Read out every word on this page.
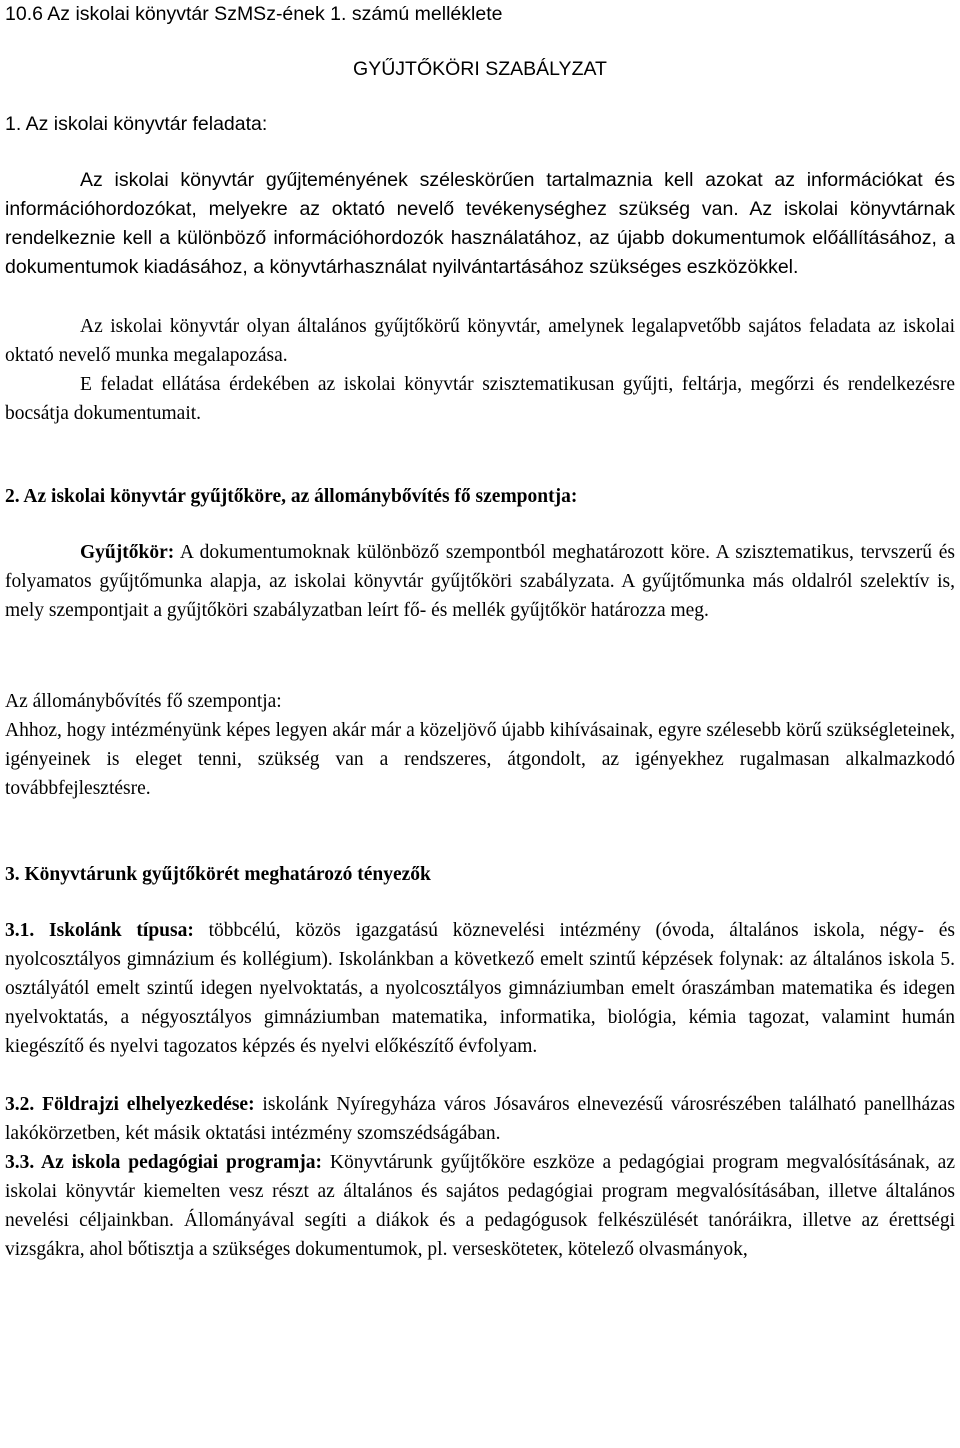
10.6 Az iskolai könyvtár SzMSz-ének 1. számú melléklete

GYŰJTŐKÖRI SZABÁLYZAT

1. Az iskolai könyvtár feladata:

Az iskolai könyvtár gyűjteményének széleskörűen tartalmaznia kell azokat az információkat és információhordozókat, melyekre az oktató nevelő tevékenységhez szükség van. Az iskolai könyvtárnak rendelkeznie kell a különböző információhordozók használatához, az újabb dokumentumok előállításához, a dokumentumok kiadásához, a könyvtárhasználat nyilvántartásához szükséges eszközökkel.

Az iskolai könyvtár olyan általános gyűjtőkörű könyvtár, amelynek legalapvetőbb sajátos feladata az iskolai oktató nevelő munka megalapozása.

E feladat ellátása érdekében az iskolai könyvtár szisztematikusan gyűjti, feltárja, megőrzi és rendelkezésre bocsátja dokumentumait.

2. Az iskolai könyvtár gyűjtőköre, az állománybővítés fő szempontja:

Gyűjtőkör: A dokumentumoknak különböző szempontból meghatározott köre. A szisztematikus, tervszerű és folyamatos gyűjtőmunka alapja, az iskolai könyvtár gyűjtőköri szabályzata. A gyűjtőmunka más oldalról szelektív is, mely szempontjait a gyűjtőköri szabályzatban leírt fő- és mellék gyűjtőkör határozza meg.

Az állománybővítés fő szempontja:

Ahhoz, hogy intézményünk képes legyen akár már a közeljövő újabb kihívásainak, egyre szélesebb körű szükségleteinek, igényeinek is eleget tenni, szükség van a rendszeres, átgondolt, az igényekhez rugalmasan alkalmazkodó továbbfejlesztésre.

3. Könyvtárunk gyűjtőkörét meghatározó tényezők

3.1. Iskolánk típusa: többcélú, közös igazgatású köznevelési intézmény (óvoda, általános iskola, négy- és nyolcosztályos gimnázium és kollégium). Iskolánkban a következő emelt szintű képzések folynak: az általános iskola 5. osztályától emelt szintű idegen nyelvoktatás, a nyolcosztályos gimnáziumban emelt óraszámban matematika és idegen nyelvoktatás, a négyosztályos gimnáziumban matematika, informatika, biológia, kémia tagozat, valamint humán kiegészítő és nyelvi tagozatos képzés és nyelvi előkészítő évfolyam.

3.2. Földrajzi elhelyezkedése: iskolánk Nyíregyháza város Jósaváros elnevezésű városrészében található panellházas lakókörzetben, két másik oktatási intézmény szomszédságában.

3.3. Az iskola pedagógiai programja: Könyvtárunk gyűjtőköre eszköze a pedagógiai program megvalósításának, az iskolai könyvtár kiemelten vesz részt az általános és sajátos pedagógiai program megvalósításában, illetve általános nevelési céljainkban. Állományával segíti a diákok és a pedagógusok felkészülését tanóráikra, illetve az érettségi vizsgákra, ahol bőtisztja a szükséges dokumentumok, pl. versesköteteк, kötelező olvasmányok,
